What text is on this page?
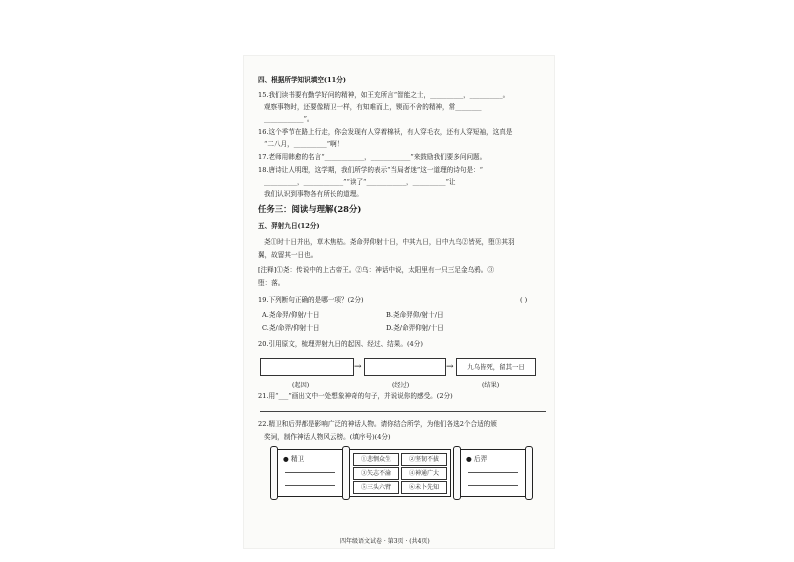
四、根据所学知识填空(11分)
15.我们读书要有勤学好问的精神，如王充所言“智能之士，__________，__________。
观察事物时，还要像精卫一样，有知难而上，锲而不舍的精神，常________
____________”。
16.这个季节在路上行走，你会发现有人穿着棉袄，有人穿毛衣，还有人穿短袖，这真是
“二八月，__________”啊！
17.老师用韩愈的名言“____________，____________”来鼓励我们要多问问题。
18.唐诗让人明理，这学期，我们所学的表示“当局者迷”这一道理的诗句是：“
__________，____________”“读了“____________，__________”让
我们认识到事物各有所长的道理。
任务三：阅读与理解(28分)
五、羿射九日(12分)
尧①时十日并出，草木焦枯。尧命羿仰射十日，中其九日，日中九乌②皆死，堕③其羽
翼，故留其一日也。
[注释]①尧：传说中的上古帝王。②乌：神话中说，太阳里有一只三足金乌鸦。③
堕：落。
19.下列断句正确的是哪一项？(2分)	( )
A.尧命羿/仰射/十日	B.尧命羿仰/射十/日
C.尧/命羿/仰射十日	D.尧/命羿仰射/十日
20.引用原文，梳理羿射九日的起因、经过、结果。(4分)
→	→	九乌皆死，留其一日
(起因)	(经过)	(结果)
21.用“___”画出文中一处想象神奇的句子，并说说你的感受。(2分)
22.精卫和后羿都是影响广泛的神话人物。请你结合所学，为他们各选2个合适的颁
奖词，制作神话人物风云榜。(填序号)(4分)
● 精卫	①悲悯众生	②坚韧不拔
③矢志不渝	④神通广大
⑤三头六臂	⑥未卜先知
● 后羿
四年级语文试卷 · 第3页 · (共4页)
